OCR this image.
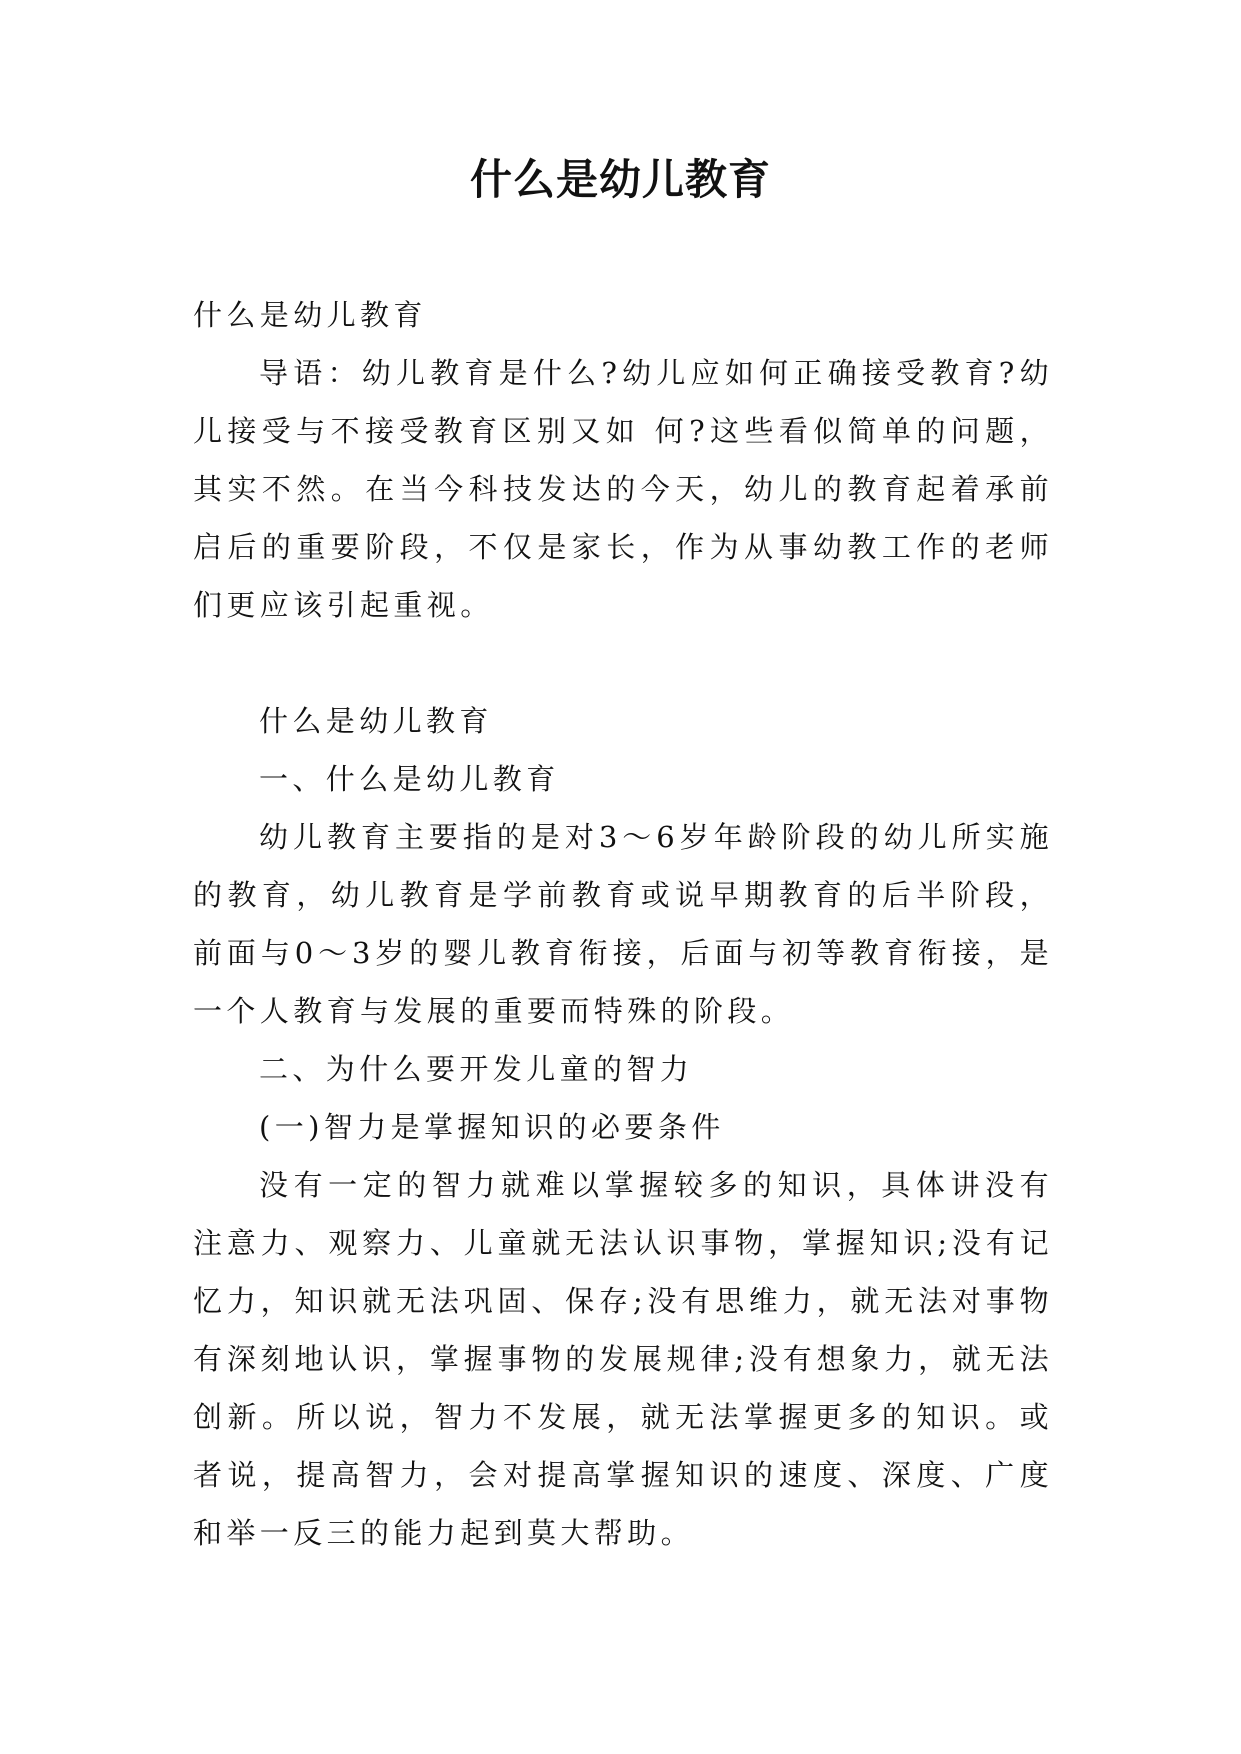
什么是幼儿教育

什么是幼儿教育

导语：幼儿教育是什么?幼儿应如何正确接受教育?幼儿接受与不接受教育区别又如 何?这些看似简单的问题，其实不然。在当今科技发达的今天，幼儿的教育起着承前启后的重要阶段，不仅是家长，作为从事幼教工作的老师们更应该引起重视。

什么是幼儿教育

一、什么是幼儿教育

幼儿教育主要指的是对3～6岁年龄阶段的幼儿所实施的教育，幼儿教育是学前教育或说早期教育的后半阶段，前面与0～3岁的婴儿教育衔接，后面与初等教育衔接，是一个人教育与发展的重要而特殊的阶段。

二、为什么要开发儿童的智力

(一)智力是掌握知识的必要条件

没有一定的智力就难以掌握较多的知识，具体讲没有注意力、观察力、儿童就无法认识事物，掌握知识;没有记忆力，知识就无法巩固、保存;没有思维力，就无法对事物有深刻地认识，掌握事物的发展规律;没有想象力，就无法创新。所以说，智力不发展，就无法掌握更多的知识。或者说，提高智力，会对提高掌握知识的速度、深度、广度和举一反三的能力起到莫大帮助。
